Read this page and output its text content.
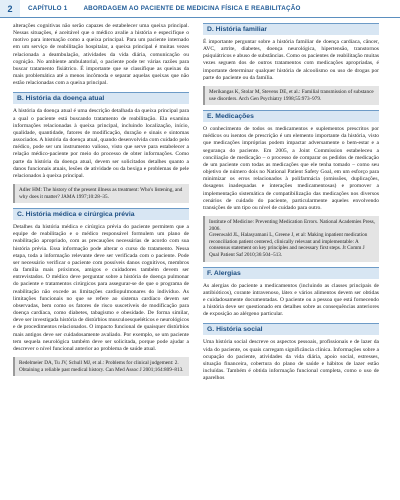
2	CAPÍTULO 1	ABORDAGEM AO PACIENTE DE MEDICINA FÍSICA E REABILITAÇÃO

alterações cognitivas não serão capazes de estabelecer uma queixa principal. Nessas situações, é aceitável que o médico avalie a história e especifique o motivo para internação como a queixa principal. Para um paciente internado em um serviço de reabilitação hospitalar, a queixa principal é muitas vezes relacionada a deambulação, atividades da vida diária, comunicação ou cognição. No ambiente ambulatorial, o paciente pode ter várias razões para buscar tratamento fisiátrico. É importante que se classifique as queixas da mais problemática até a menos incômoda e separar aquelas queixas que não estão relacionadas com a queixa principal.

B. História da doença atual

A história da doença atual é uma descrição detalhada da queixa principal para a qual o paciente está buscando tratamento de reabilitação. Ela examina informações relacionadas à queixa principal, incluindo localização, início, qualidade, quantidade, fatores de modificação, duração e sinais e sintomas associados. A história da doença atual, quando desenvolvida com cuidado pelo médico, pode ser um instrumento valioso, visto que serve para estabelecer a relação médico-paciente por meio do processo de obter informações. Como parte da história da doença atual, devem ser solicitados detalhes quanto a danos funcionais atuais, lesões de atividade ou da bexiga e problemas de pele relacionados à queixa principal.

Adler HM: The history of the present illness as treatment: Who's listening, and why does it matter? JAMA 1997;10:28–35.
C. História médica e cirúrgica prévia

Detalhes da história médica e cirúrgica prévia do paciente permitem que a equipe de reabilitação e o médico responsável formulem um plano de reabilitação apropriado, com as precauções necessárias de acordo com sua história prévia. Essa informação pode alterar o curso do tratamento. Nessa etapa, toda a informação relevante deve ser verificada com o paciente. Pode ser necessário verificar o paciente com possíveis danos cognitivos, membros da família mais próximos, amigos e cuidadores também devem ser entrevistados. O médico deve perguntar sobre a história de doença pulmonar do paciente e tratamentos cirúrgicos para assegurar-se de que o programa de reabilitação não excede as limitações cardiopulmonares do indivíduo. As limitações funcionais no que se refere ao sistema cardíaco devem ser observadas, bem como os fatores de risco suscetíveis de modificação para doença cardíaca, como diabetes, tabagismo e obesidade. De forma similar, deve ser investigada história de distúrbios musculoesqueléticos e neurológicos e de procedimentos relacionados. O impacto funcional de quaisquer distúrbios mais antigos deve ser cuidadosamente avaliado. Por exemplo, se um paciente tem sequela neurológica também deve ser solicitada, porque pode ajudar a descrever o nível funcional anterior ao problema de saúde atual.

Redelmeier DA, Tu JV, Schull MJ, et al.: Problems for clinical judgement: 2. Obtaining a reliable past medical history. Can Med Assoc J 2001;164:809–813.
D. História familiar

É importante perguntar sobre a história familiar de doença cardíaca, câncer, AVC, artrite, diabetes, doença neurológica, hipertensão, transtornos psiquiátricos e abuso de substâncias. Como os pacientes de reabilitação muitas vezes seguem dos de outros tratamentos com medicações apropriadas, é importante determinar qualquer história de alcoolismo ou uso de drogas por parte do paciente ou da família.

Merikangas K, Stolar M, Stevens DE, et al.: Familial transmission of substance use disorders. Arch Gen Psychiatry 1998;55:973–979.
E. Medicações

O conhecimento de todos os medicamentos e suplementos prescritos por médicos ou isentos de prescrição é um elemento importante da história, visto que medicações impróprias podem impactar adversamente o bem-estar e a segurança do paciente. Em 2005, a Joint Commission estabeleceu a conciliação de medicação – o processo de comparar os pedidos de medicação de um paciente com todas as medicações que ele tenha tomado – como seu objetivo de número dois no National Patient Safety Goal, em um esforço para minimizar os erros relacionados à polifarmácia (omissões, duplicações, dosagens inadequadas e interações medicamentosas) e promover a implementação sistemática de compatibilização das medicações nos diversos cenários de cuidado do paciente, particularmente aqueles envolvendo transições de um tipo ou nível de cuidado para outro.

Institute of Medicine: Preventing Medication Errors. National Academies Press, 2006.
Greenwald JL, Halasyamani L, Greene J, et al: Making inpatient medication reconciliation patient centered, clinically relevant and implementable: A consensus statement on key principles and necessary first steps. Jt Comm J Qual Patient Saf 2010;36:504–513.
F. Alergias

As alergias do paciente a medicamentos (incluindo as classes principais de antibióticos), corante intravenoso, látex e vários alimentos devem ser obtidas e cuidadosamente documentadas. O paciente ou a pessoa que está fornecendo a história deve ser questionado em detalhes sobre as consequências anteriores de exposição ao alérgeno particular.

G. História social

Uma história social descreve os aspectos pessoais, profissionais e de lazer da vida do paciente, os quais carregam significância clínica. Informações sobre a ocupação do paciente, atividades da vida diária, apoio social, estresses, situação financeira, cobertura do plano de saúde e hábitos de lazer estão incluídas. Também é obtida informação funcional completa, como o uso de aparelhos
